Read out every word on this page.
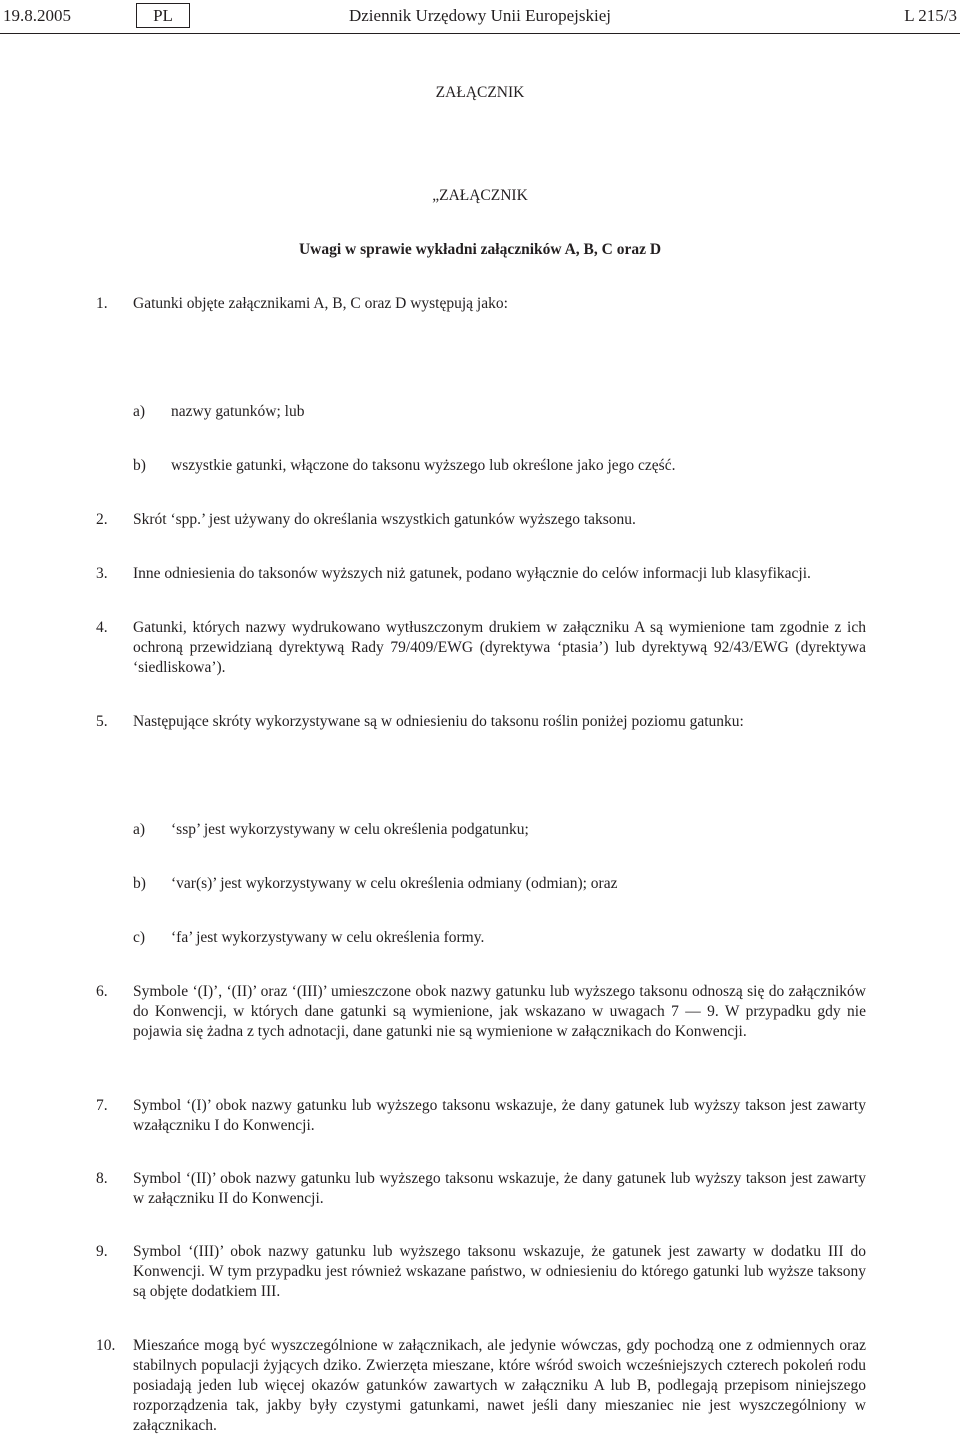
Dziennik Urzędowy Unii Europejskiej
19.8.2005	PL	L 215/3
ZAŁĄCZNIK
„ZAŁĄCZNIK
Uwagi w sprawie wykładni załączników A, B, C oraz D
1. Gatunki objęte załącznikami A, B, C oraz D występują jako:
a) nazwy gatunków; lub
b) wszystkie gatunki, włączone do taksonu wyższego lub określone jako jego część.
2. Skrót ‘spp.’ jest używany do określania wszystkich gatunków wyższego taksonu.
3. Inne odniesienia do taksonów wyższych niż gatunek, podano wyłącznie do celów informacji lub klasyfikacji.
4. Gatunki, których nazwy wydrukowano wytłuszczonym drukiem w załączniku A są wymienione tam zgodnie z ich ochroną przewidzianą dyrektywą Rady 79/409/EWG (dyrektywa ‘ptasia’) lub dyrektywą 92/43/EWG (dyrektywa ‘siedliskowa’).
5. Następujące skróty wykorzystywane są w odniesieniu do taksonu roślin poniżej poziomu gatunku:
a) ‘ssp’ jest wykorzystywany w celu określenia podgatunku;
b) ‘var(s)’ jest wykorzystywany w celu określenia odmiany (odmian); oraz
c) ‘fa’ jest wykorzystywany w celu określenia formy.
6. Symbole ‘(I)’, ‘(II)’ oraz ‘(III)’ umieszczone obok nazwy gatunku lub wyższego taksonu odnoszą się do załączników do Konwencji, w których dane gatunki są wymienione, jak wskazano w uwagach 7 — 9. W przypadku gdy nie pojawia się żadna z tych adnotacji, dane gatunki nie są wymienione w załącznikach do Konwencji.
7. Symbol ‘(I)’ obok nazwy gatunku lub wyższego taksonu wskazuje, że dany gatunek lub wyższy takson jest zawarty wzałączniku I do Konwencji.
8. Symbol ‘(II)’ obok nazwy gatunku lub wyższego taksonu wskazuje, że dany gatunek lub wyższy takson jest zawarty w załączniku II do Konwencji.
9. Symbol ‘(III)’ obok nazwy gatunku lub wyższego taksonu wskazuje, że gatunek jest zawarty w dodatku III do Konwencji. W tym przypadku jest również wskazane państwo, w odniesieniu do którego gatunki lub wyższe taksony są objęte dodatkiem III.
10. Mieszańce mogą być wyszczególnione w załącznikach, ale jedynie wówczas, gdy pochodzą one z odmiennych oraz stabilnych populacji żyjących dziko. Zwierzęta mieszane, które wśród swoich wcześniejszych czterech pokoleń rodu posiadają jeden lub więcej okazów gatunków zawartych w załączniku A lub B, podlegają przepisom niniejszego rozporządzenia tak, jakby były czystymi gatunkami, nawet jeśli dany mieszaniec nie jest wyszczególniony w załącznikach.
